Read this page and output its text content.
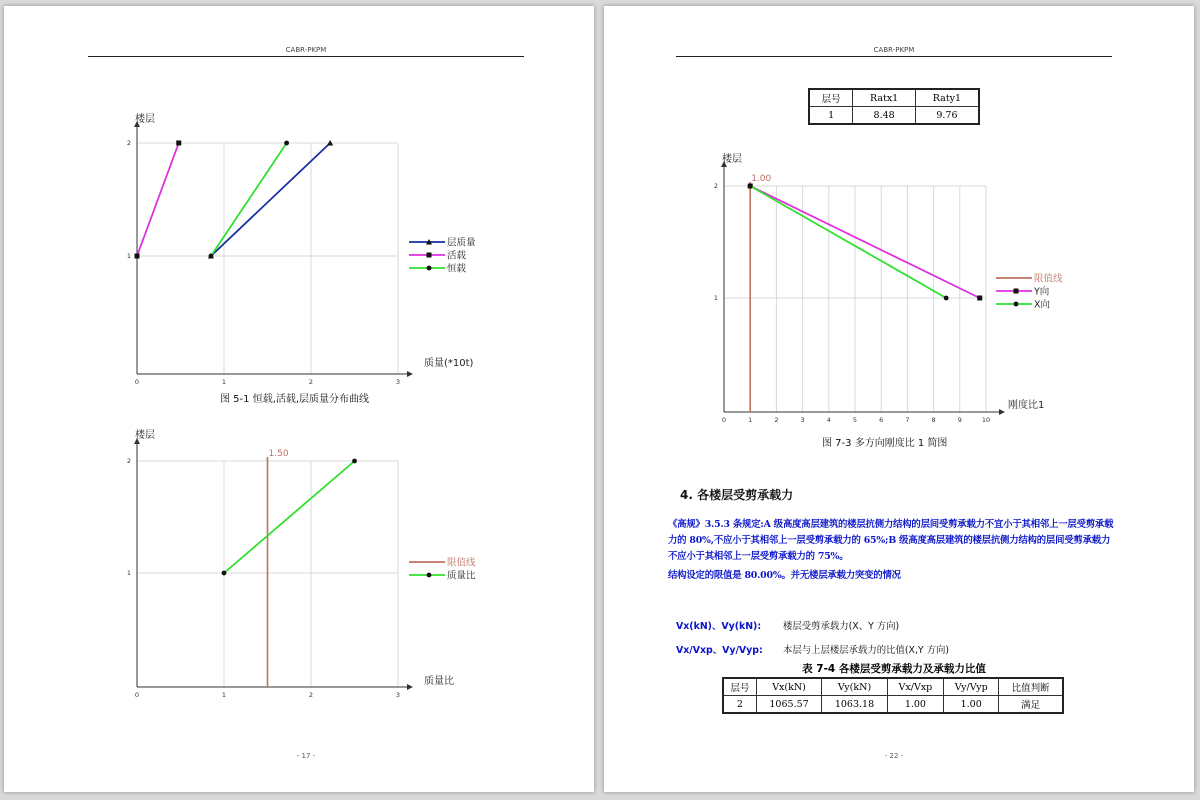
CABR-PKPM
0	1	2	3
1
2
楼层
质量(*10t)
层质量
活载
恒载
图 5-1 恒载,活载,层质量分布曲线
0	1	2	3
1
2
楼层
质量比
1.50
限值线
质量比
- 17 -
CABR-PKPM
层号	Ratx1	Raty1
1	8.48	9.76
0	1	2	3	4	5	6	7	8	9	10
1
2
楼层
刚度比1
1.00
限值线
Y向
X向
图 7-3 多方向刚度比 1 简图
4. 各楼层受剪承载力

《高规》3.5.3 条规定:A 级高度高层建筑的楼层抗侧力结构的层间受剪承载力不宜小于其相邻上一层受剪承载力的 80%,不应小于其相邻上一层受剪承载力的 65%;B 级高度高层建筑的楼层抗侧力结构的层间受剪承载力不应小于其相邻上一层受剪承载力的 75%。

结构设定的限值是 80.00%。并无楼层承载力突变的情况

Vx(kN)、Vy(kN): 楼层受剪承载力(X、Y 方向)
Vx/Vxp、Vy/Vyp: 本层与上层楼层承载力的比值(X,Y 方向)
表 7-4 各楼层受剪承载力及承载力比值
层号	Vx(kN)	Vy(kN)	Vx/Vxp	Vy/Vyp	比值判断
2	1065.57	1063.18	1.00	1.00	满足
- 22 -
